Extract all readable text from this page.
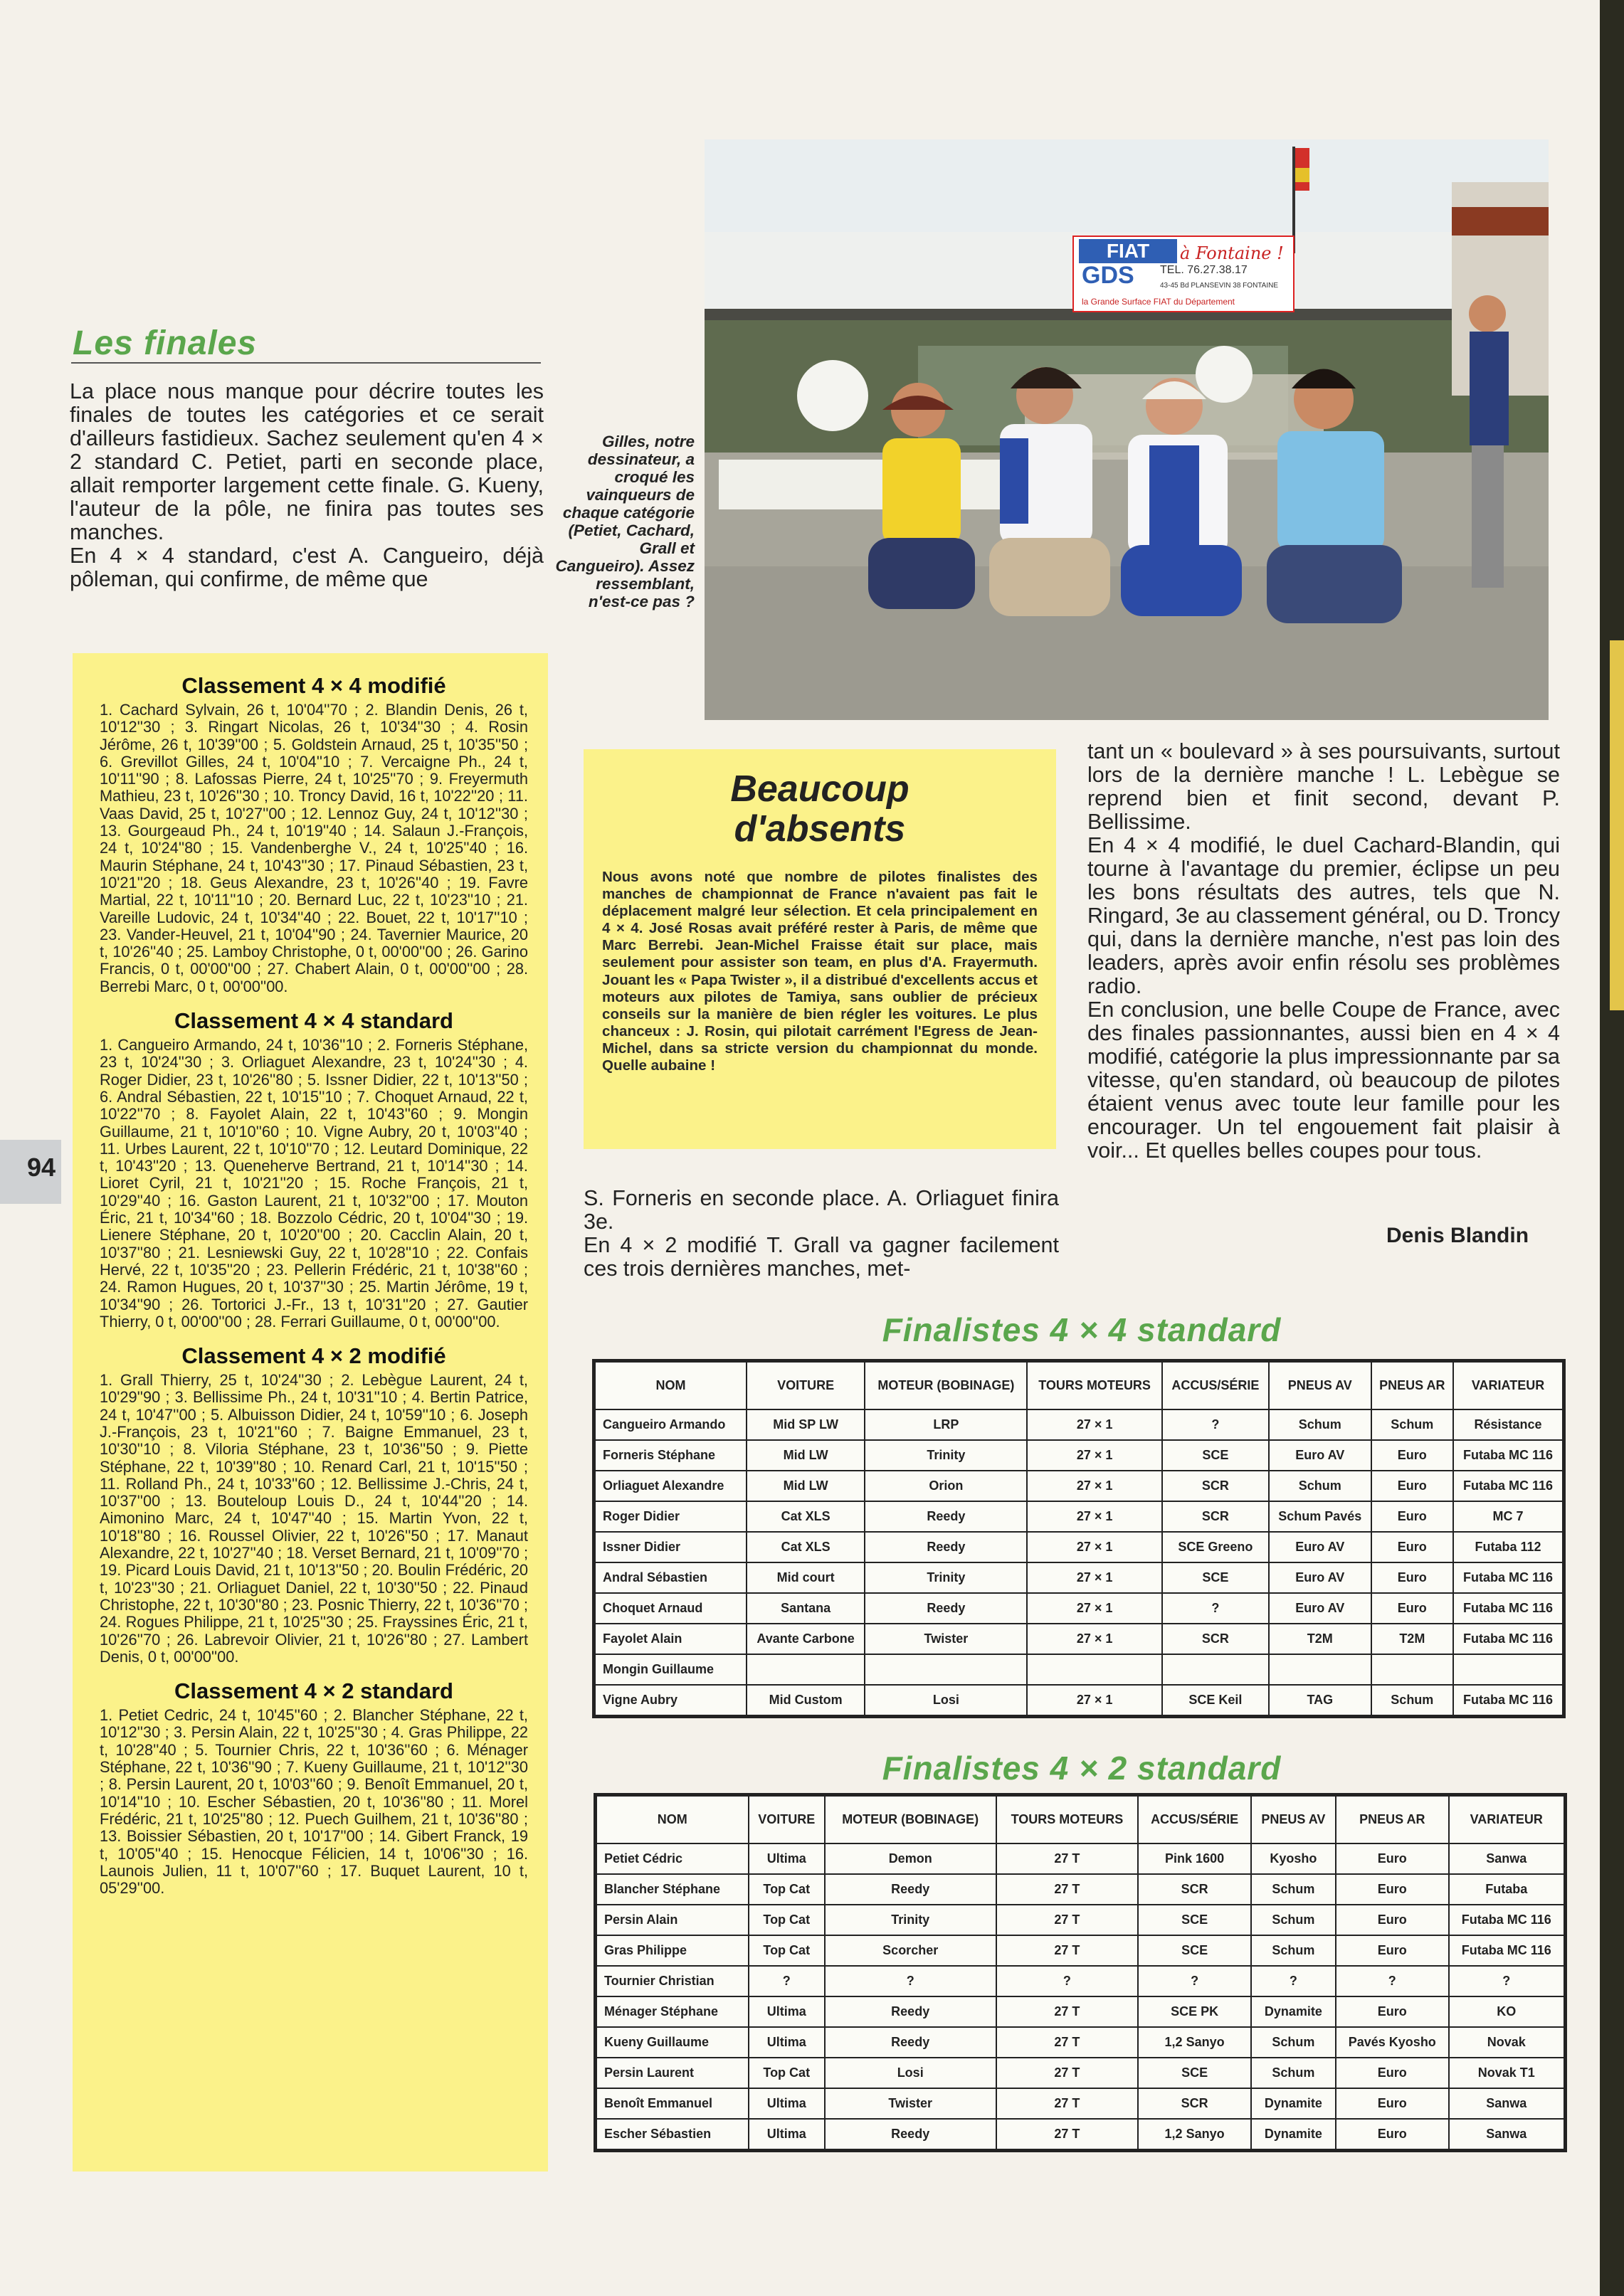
Les finales
La place nous manque pour décrire toutes les finales de toutes les catégories et ce serait d'ailleurs fastidieux. Sachez seulement qu'en 4 × 2 standard C. Petiet, parti en seconde place, allait remporter largement cette finale. G. Kueny, l'auteur de la pôle, ne finira pas toutes ses manches.
En 4 × 4 standard, c'est A. Cangueiro, déjà pôleman, qui confirme, de même que
Gilles, notre dessinateur, a croqué les vainqueurs de chaque catégorie (Petiet, Cachard, Grall et Cangueiro). Assez ressemblant, n'est-ce pas ?
FIAT à Fontaine !
GDS TEL. 76.27.38.17
43-45 Bd PLANSEVIN 38 FONTAINE
la Grande Surface FIAT du Département
Classement 4 × 4 modifié
1. Cachard Sylvain, 26 t, 10'04''70 ; 2. Blandin Denis, 26 t, 10'12''30 ; 3. Ringart Nicolas, 26 t, 10'34''30 ; 4. Rosin Jérôme, 26 t, 10'39''00 ; 5. Goldstein Arnaud, 25 t, 10'35''50 ; 6. Grevillot Gilles, 24 t, 10'04''10 ; 7. Vercaigne Ph., 24 t, 10'11''90 ; 8. Lafossas Pierre, 24 t, 10'25''70 ; 9. Freyermuth Mathieu, 23 t, 10'26''30 ; 10. Troncy David, 16 t, 10'22''20 ; 11. Vaas David, 25 t, 10'27''00 ; 12. Lennoz Guy, 24 t, 10'12''30 ; 13. Gourgeaud Ph., 24 t, 10'19''40 ; 14. Salaun J.-François, 24 t, 10'24''80 ; 15. Vandenberghe V., 24 t, 10'25''40 ; 16. Maurin Stéphane, 24 t, 10'43''30 ; 17. Pinaud Sébastien, 23 t, 10'21''20 ; 18. Geus Alexandre, 23 t, 10'26''40 ; 19. Favre Martial, 22 t, 10'11''10 ; 20. Bernard Luc, 22 t, 10'23''10 ; 21. Vareille Ludovic, 24 t, 10'34''40 ; 22. Bouet, 22 t, 10'17''10 ; 23. Vander-Heuvel, 21 t, 10'04''90 ; 24. Tavernier Maurice, 20 t, 10'26''40 ; 25. Lamboy Christophe, 0 t, 00'00''00 ; 26. Garino Francis, 0 t, 00'00''00 ; 27. Chabert Alain, 0 t, 00'00''00 ; 28. Berrebi Marc, 0 t, 00'00''00.
Classement 4 × 4 standard
1. Cangueiro Armando, 24 t, 10'36''10 ; 2. Forneris Stéphane, 23 t, 10'24''30 ; 3. Orliaguet Alexandre, 23 t, 10'24''30 ; 4. Roger Didier, 23 t, 10'26''80 ; 5. Issner Didier, 22 t, 10'13''50 ; 6. Andral Sébastien, 22 t, 10'15''10 ; 7. Choquet Arnaud, 22 t, 10'22''70 ; 8. Fayolet Alain, 22 t, 10'43''60 ; 9. Mongin Guillaume, 21 t, 10'10''60 ; 10. Vigne Aubry, 20 t, 10'03''40 ; 11. Urbes Laurent, 22 t, 10'10''70 ; 12. Leutard Dominique, 22 t, 10'43''20 ; 13. Queneherve Bertrand, 21 t, 10'14''30 ; 14. Lioret Cyril, 21 t, 10'21''20 ; 15. Roche François, 21 t, 10'29''40 ; 16. Gaston Laurent, 21 t, 10'32''00 ; 17. Mouton Éric, 21 t, 10'34''60 ; 18. Bozzolo Cédric, 20 t, 10'04''30 ; 19. Lienere Stéphane, 20 t, 10'20''00 ; 20. Cacclin Alain, 20 t, 10'37''80 ; 21. Lesniewski Guy, 22 t, 10'28''10 ; 22. Confais Hervé, 22 t, 10'35''20 ; 23. Pellerin Frédéric, 21 t, 10'38''60 ; 24. Ramon Hugues, 20 t, 10'37''30 ; 25. Martin Jérôme, 19 t, 10'34''90 ; 26. Tortorici J.-Fr., 13 t, 10'31''20 ; 27. Gautier Thierry, 0 t, 00'00''00 ; 28. Ferrari Guillaume, 0 t, 00'00''00.
Classement 4 × 2 modifié
1. Grall Thierry, 25 t, 10'24''30 ; 2. Lebègue Laurent, 24 t, 10'29''90 ; 3. Bellissime Ph., 24 t, 10'31''10 ; 4. Bertin Patrice, 24 t, 10'47''00 ; 5. Albuisson Didier, 24 t, 10'59''10 ; 6. Joseph J.-François, 23 t, 10'21''60 ; 7. Baigne Emmanuel, 23 t, 10'30''10 ; 8. Viloria Stéphane, 23 t, 10'36''50 ; 9. Piette Stéphane, 22 t, 10'39''80 ; 10. Renard Carl, 21 t, 10'15''50 ; 11. Rolland Ph., 24 t, 10'33''60 ; 12. Bellissime J.-Chris, 24 t, 10'37''00 ; 13. Bouteloup Louis D., 24 t, 10'44''20 ; 14. Aimonino Marc, 24 t, 10'47''40 ; 15. Martin Yvon, 22 t, 10'18''80 ; 16. Roussel Olivier, 22 t, 10'26''50 ; 17. Manaut Alexandre, 22 t, 10'27''40 ; 18. Verset Bernard, 21 t, 10'09''70 ; 19. Picard Louis David, 21 t, 10'13''50 ; 20. Boulin Frédéric, 20 t, 10'23''30 ; 21. Orliaguet Daniel, 22 t, 10'30''50 ; 22. Pinaud Christophe, 22 t, 10'30''80 ; 23. Posnic Thierry, 22 t, 10'36''70 ; 24. Rogues Philippe, 21 t, 10'25''30 ; 25. Frayssines Éric, 21 t, 10'26''70 ; 26. Labrevoir Olivier, 21 t, 10'26''80 ; 27. Lambert Denis, 0 t, 00'00''00.
Classement 4 × 2 standard
1. Petiet Cedric, 24 t, 10'45''60 ; 2. Blancher Stéphane, 22 t, 10'12''30 ; 3. Persin Alain, 22 t, 10'25''30 ; 4. Gras Philippe, 22 t, 10'28''40 ; 5. Tournier Chris, 22 t, 10'36''60 ; 6. Ménager Stéphane, 22 t, 10'36''90 ; 7. Kueny Guillaume, 21 t, 10'12''30 ; 8. Persin Laurent, 20 t, 10'03''60 ; 9. Benoît Emmanuel, 20 t, 10'14''10 ; 10. Escher Sébastien, 20 t, 10'36''80 ; 11. Morel Frédéric, 21 t, 10'25''80 ; 12. Puech Guilhem, 21 t, 10'36''80 ; 13. Boissier Sébastien, 20 t, 10'17''00 ; 14. Gibert Franck, 19 t, 10'05''40 ; 15. Henocque Félicien, 14 t, 10'06''30 ; 16. Launois Julien, 11 t, 10'07''60 ; 17. Buquet Laurent, 10 t, 05'29''00.
94
Beaucoup
d'absents
Nous avons noté que nombre de pilotes finalistes des manches de championnat de France n'avaient pas fait le déplacement malgré leur sélection. Et cela principalement en 4 × 4. José Rosas avait préféré rester à Paris, de même que Marc Berrebi. Jean-Michel Fraisse était sur place, mais seulement pour assister son team, en plus d'A. Frayermuth. Jouant les « Papa Twister », il a distribué d'excellents accus et moteurs aux pilotes de Tamiya, sans oublier de précieux conseils sur la manière de bien régler les voitures. Le plus chanceux : J. Rosin, qui pilotait carrément l'Egress de Jean-Michel, dans sa stricte version du championnat du monde. Quelle aubaine !
S. Forneris en seconde place. A. Orliaguet finira 3e.
En 4 × 2 modifié T. Grall va gagner facilement ces trois dernières manches, met-
tant un « boulevard » à ses poursuivants, surtout lors de la dernière manche ! L. Lebègue se reprend bien et finit second, devant P. Bellissime.
En 4 × 4 modifié, le duel Cachard-Blandin, qui tourne à l'avantage du premier, éclipse un peu les bons résultats des autres, tels que N. Ringard, 3e au classement général, ou D. Troncy qui, dans la dernière manche, n'est pas loin des leaders, après avoir enfin résolu ses problèmes radio.
En conclusion, une belle Coupe de France, avec des finales passionnantes, aussi bien en 4 × 4 modifié, catégorie la plus impressionnante par sa vitesse, qu'en standard, où beaucoup de pilotes étaient venus avec toute leur famille pour les encourager. Un tel engouement fait plaisir à voir... Et quelles belles coupes pour tous.
Denis Blandin
Finalistes 4 × 4 standard
NOM	VOITURE	MOTEUR (BOBINAGE)	TOURS MOTEURS	ACCUS/SÉRIE	PNEUS AV	PNEUS AR	VARIATEUR
Cangueiro Armando	Mid SP LW	LRP	27 × 1	?	Schum	Schum	Résistance
Forneris Stéphane	Mid LW	Trinity	27 × 1	SCE	Euro AV	Euro	Futaba MC 116
Orliaguet Alexandre	Mid LW	Orion	27 × 1	SCR	Schum	Euro	Futaba MC 116
Roger Didier	Cat XLS	Reedy	27 × 1	SCR	Schum Pavés	Euro	MC 7
Issner Didier	Cat XLS	Reedy	27 × 1	SCE Greeno	Euro AV	Euro	Futaba 112
Andral Sébastien	Mid court	Trinity	27 × 1	SCE	Euro AV	Euro	Futaba MC 116
Choquet Arnaud	Santana	Reedy	27 × 1	?	Euro AV	Euro	Futaba MC 116
Fayolet Alain	Avante Carbone	Twister	27 × 1	SCR	T2M	T2M	Futaba MC 116
Mongin Guillaume							
Vigne Aubry	Mid Custom	Losi	27 × 1	SCE Keil	TAG	Schum	Futaba MC 116
Finalistes 4 × 2 standard
NOM	VOITURE	MOTEUR (BOBINAGE)	TOURS MOTEURS	ACCUS/SÉRIE	PNEUS AV	PNEUS AR	VARIATEUR
Petiet Cédric	Ultima	Demon	27 T	Pink 1600	Kyosho	Euro	Sanwa
Blancher Stéphane	Top Cat	Reedy	27 T	SCR	Schum	Euro	Futaba
Persin Alain	Top Cat	Trinity	27 T	SCE	Schum	Euro	Futaba MC 116
Gras Philippe	Top Cat	Scorcher	27 T	SCE	Schum	Euro	Futaba MC 116
Tournier Christian	?	?	?	?	?	?	?
Ménager Stéphane	Ultima	Reedy	27 T	SCE PK	Dynamite	Euro	KO
Kueny Guillaume	Ultima	Reedy	27 T	1,2 Sanyo	Schum	Pavés Kyosho	Novak
Persin Laurent	Top Cat	Losi	27 T	SCE	Schum	Euro	Novak T1
Benoît Emmanuel	Ultima	Twister	27 T	SCR	Dynamite	Euro	Sanwa
Escher Sébastien	Ultima	Reedy	27 T	1,2 Sanyo	Dynamite	Euro	Sanwa
